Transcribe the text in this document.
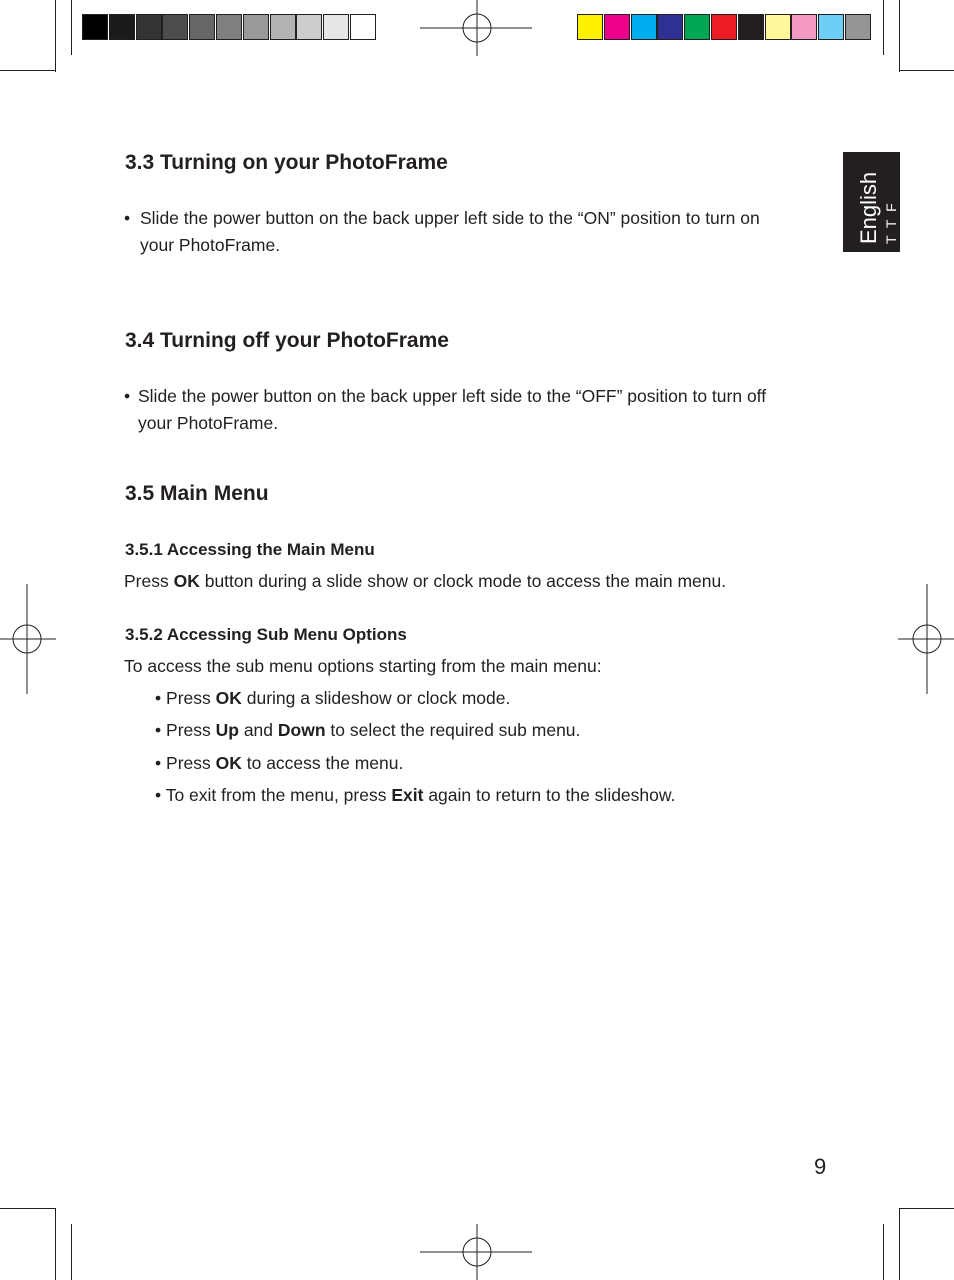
English T T F
3.3 Turning on your PhotoFrame
• Slide the power button on the back upper left side to the “ON” position to turn on
your PhotoFrame.
3.4 Turning off your PhotoFrame
• Slide the power button on the back upper left side to the “OFF” position to turn off
your PhotoFrame.
3.5 Main Menu
3.5.1 Accessing the Main Menu
Press OK button during a slide show or clock mode to access the main menu.
3.5.2 Accessing Sub Menu Options
To access the sub menu options starting from the main menu:
• Press OK during a slideshow or clock mode.
• Press Up and Down to select the required sub menu.
• Press OK to access the menu.
• To exit from the menu, press Exit again to return to the slideshow.
9
